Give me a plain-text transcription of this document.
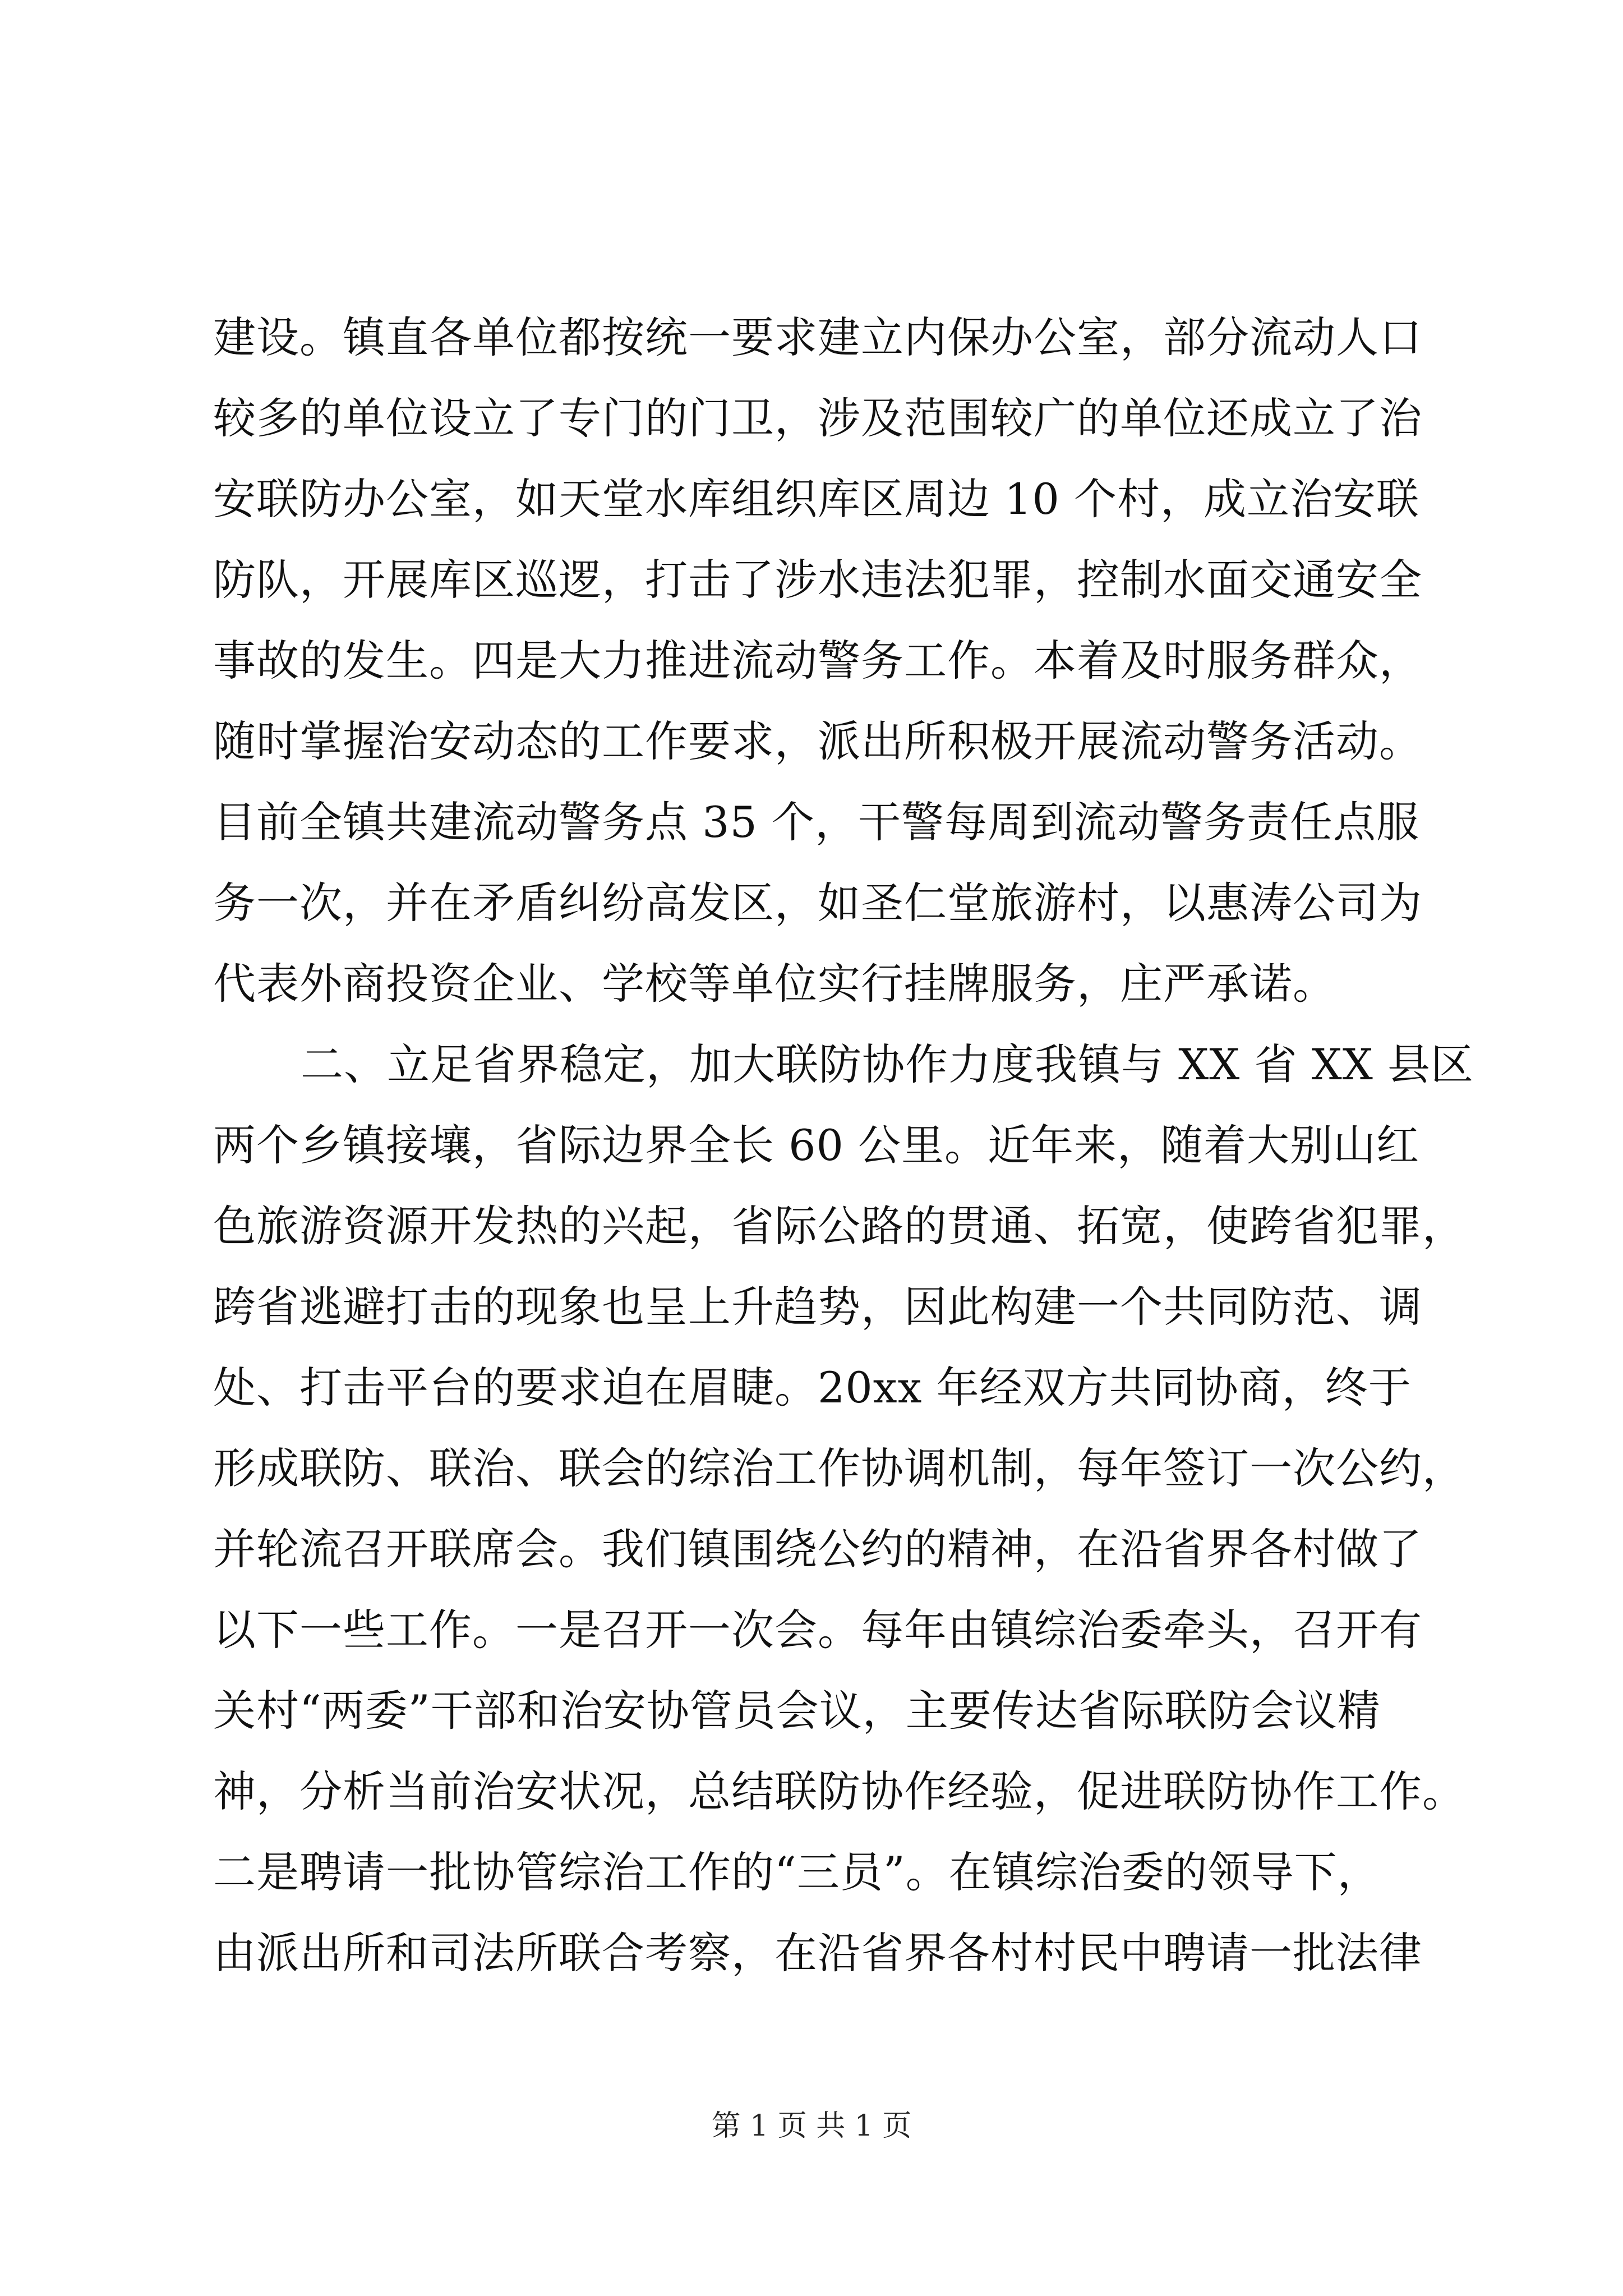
建设。镇直各单位都按统一要求建立内保办公室，部分流动人口
较多的单位设立了专门的门卫，涉及范围较广的单位还成立了治
安联防办公室，如天堂水库组织库区周边 10 个村，成立治安联
防队，开展库区巡逻，打击了涉水违法犯罪，控制水面交通安全
事故的发生。四是大力推进流动警务工作。本着及时服务群众，
随时掌握治安动态的工作要求，派出所积极开展流动警务活动。
目前全镇共建流动警务点 35 个，干警每周到流动警务责任点服
务一次，并在矛盾纠纷高发区，如圣仁堂旅游村，以惠涛公司为
代表外商投资企业、学校等单位实行挂牌服务，庄严承诺。
二、立足省界稳定，加大联防协作力度我镇与 XX 省 XX 县区
两个乡镇接壤，省际边界全长 60 公里。近年来，随着大别山红
色旅游资源开发热的兴起，省际公路的贯通、拓宽，使跨省犯罪，
跨省逃避打击的现象也呈上升趋势，因此构建一个共同防范、调
处、打击平台的要求迫在眉睫。20xx 年经双方共同协商，终于
形成联防、联治、联会的综治工作协调机制，每年签订一次公约，
并轮流召开联席会。我们镇围绕公约的精神，在沿省界各村做了
以下一些工作。一是召开一次会。每年由镇综治委牵头，召开有
关村“两委”干部和治安协管员会议，主要传达省际联防会议精
神，分析当前治安状况，总结联防协作经验，促进联防协作工作。
二是聘请一批协管综治工作的“三员”。在镇综治委的领导下，
由派出所和司法所联合考察，在沿省界各村村民中聘请一批法律
第 1 页 共 1 页
